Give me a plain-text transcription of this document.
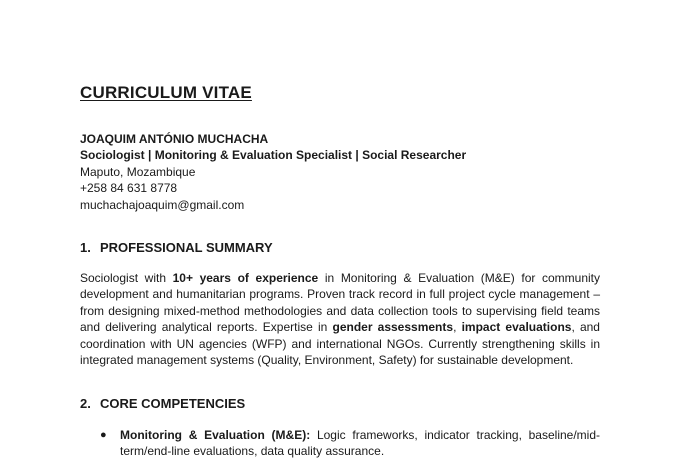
CURRICULUM VITAE
JOAQUIM ANTÓNIO MUCHACHA
Sociologist | Monitoring & Evaluation Specialist | Social Researcher
Maputo, Mozambique
+258 84 631 8778
muchachajoaquim@gmail.com
1. PROFESSIONAL SUMMARY

Sociologist with 10+ years of experience in Monitoring & Evaluation (M&E) for community development and humanitarian programs. Proven track record in full project cycle management – from designing mixed-method methodologies and data collection tools to supervising field teams and delivering analytical reports. Expertise in gender assessments, impact evaluations, and coordination with UN agencies (WFP) and international NGOs. Currently strengthening skills in integrated management systems (Quality, Environment, Safety) for sustainable development.

2. CORE COMPETENCIES
● Monitoring & Evaluation (M&E): Logic frameworks, indicator tracking, baseline/mid-term/end-line evaluations, data quality assurance.
